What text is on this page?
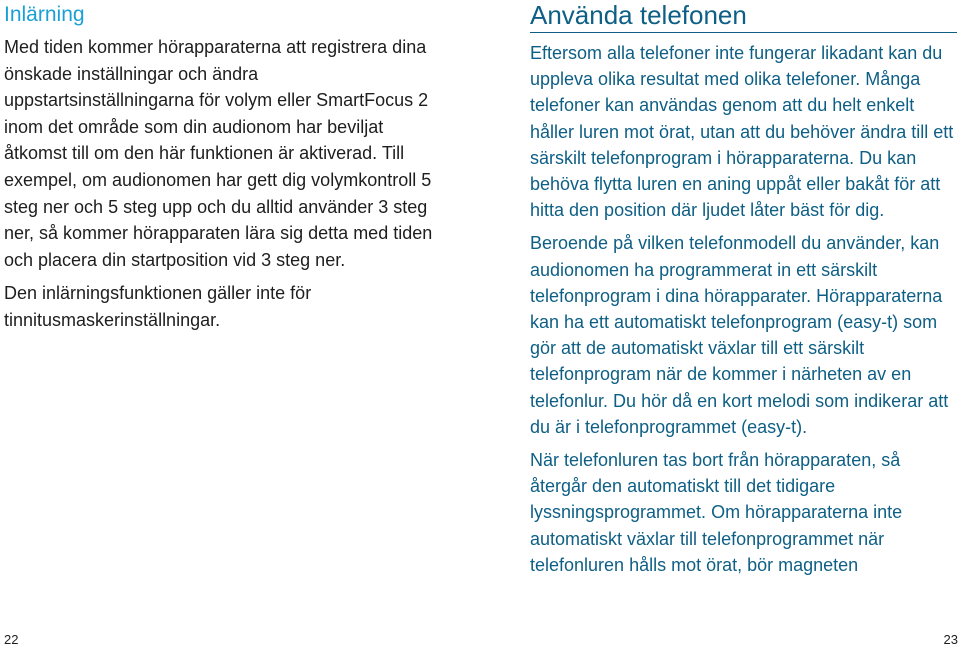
Inlärning

Med tiden kommer hörapparaterna att registrera dina önskade inställningar och ändra uppstartsinställningarna för volym eller SmartFocus 2 inom det område som din audionom har beviljat åtkomst till om den här funktionen är aktiverad. Till exempel, om audionomen har gett dig volymkontroll 5 steg ner och 5 steg upp och du alltid använder 3 steg ner, så kommer hörapparaten lära sig detta med tiden och placera din startposition vid 3 steg ner.

Den inlärningsfunktionen gäller inte för tinnitusmaskerinställningar.

22
Använda telefonen

Eftersom alla telefoner inte fungerar likadant kan du uppleva olika resultat med olika telefoner. Många telefoner kan användas genom att du helt enkelt håller luren mot örat, utan att du behöver ändra till ett särskilt telefonprogram i hörapparaterna. Du kan behöva flytta luren en aning uppåt eller bakåt för att hitta den position där ljudet låter bäst för dig.

Beroende på vilken telefonmodell du använder, kan audionomen ha programmerat in ett särskilt telefonprogram i dina hörapparater. Hörapparaterna kan ha ett automatiskt telefonprogram (easy-t) som gör att de automatiskt växlar till ett särskilt telefonprogram när de kommer i närheten av en telefonlur. Du hör då en kort melodi som indikerar att du är i telefonprogrammet (easy-t).

När telefonluren tas bort från hörapparaten, så återgår den automatiskt till det tidigare lyssningsprogrammet. Om hörapparaterna inte automatiskt växlar till telefonprogrammet när telefonluren hålls mot örat, bör magneten

23
